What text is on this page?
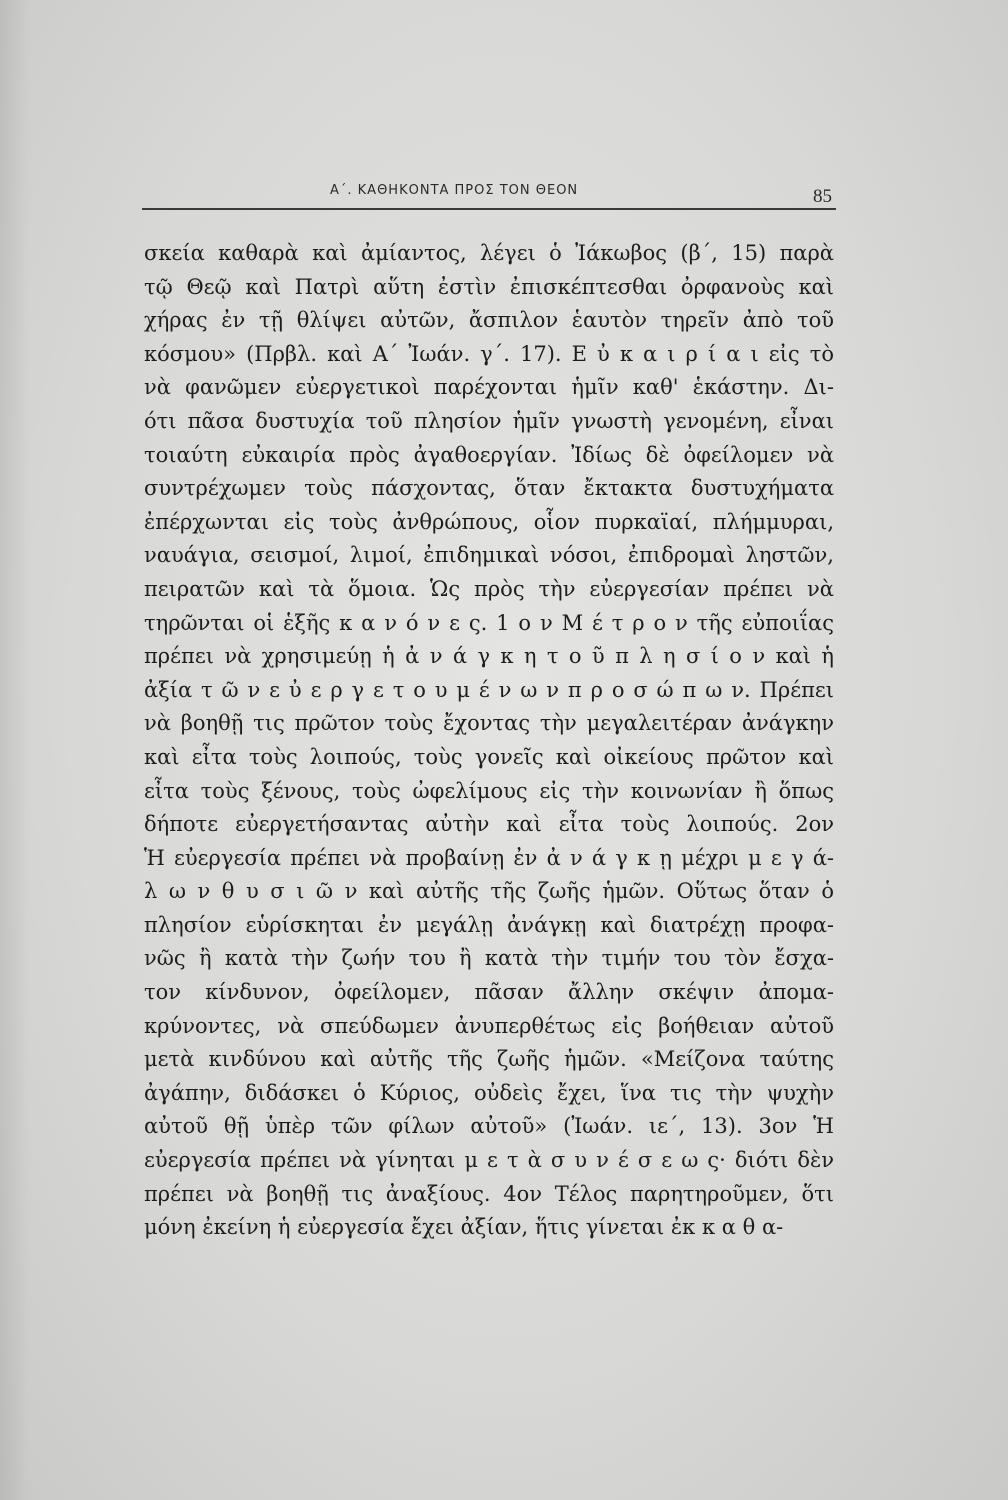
Α΄. ΚΑΘΗΚΟΝΤΑ ΠΡΟΣ ΤΟΝ ΘΕΟΝ	85
σκεία καθαρὰ καὶ ἀμίαντος, λέγει ὁ Ἰάκωβος (β΄, 15) παρὰ
τῷ Θεῷ καὶ Πατρὶ αὕτη ἐστὶν ἐπισκέπτεσθαι ὀρφανοὺς καὶ
χήρας ἐν τῇ θλίψει αὐτῶν, ἄσπιλον ἑαυτὸν τηρεῖν ἀπὸ τοῦ
κόσμου» (Πρβλ. καὶ Α΄ Ἰωάν. γ΄. 17). Ε ὐ κ α ι ρ ί α ι εἰς τὸ
νὰ φανῶμεν εὐεργετικοὶ παρέχονται ἡμῖν καθ' ἑκάστην. Δι-
ότι πᾶσα δυστυχία τοῦ πλησίον ἡμῖν γνωστὴ γενομένη, εἶναι
τοιαύτη εὐκαιρία πρὸς ἀγαθοεργίαν. Ἰδίως δὲ ὀφείλομεν νὰ
συντρέχωμεν τοὺς πάσχοντας, ὅταν ἔκτακτα δυστυχήματα
ἐπέρχωνται εἰς τοὺς ἀνθρώπους, οἷον πυρκαϊαί, πλήμμυραι,
ναυάγια, σεισμοί, λιμοί, ἐπιδημικαὶ νόσοι, ἐπιδρομαὶ ληστῶν,
πειρατῶν καὶ τὰ ὅμοια. Ὡς πρὸς τὴν εὐεργεσίαν πρέπει νὰ
τηρῶνται οἱ ἑξῆς κ α ν ό ν ε ς. 1 ο ν Μ έ τ ρ ο ν τῆς εὐποιΐας
πρέπει νὰ χρησιμεύῃ ἡ ἀ ν ά γ κ η τ ο ῦ π λ η σ ί ο ν καὶ ἡ
ἀξία τ ῶ ν ε ὐ ε ρ γ ε τ ο υ μ έ ν ω ν π ρ ο σ ώ π ω ν. Πρέπει
νὰ βοηθῇ τις πρῶτον τοὺς ἔχοντας τὴν μεγαλειτέραν ἀνάγκην
καὶ εἶτα τοὺς λοιπούς, τοὺς γονεῖς καὶ οἰκείους πρῶτον καὶ
εἶτα τοὺς ξένους, τοὺς ὠφελίμους εἰς τὴν κοινωνίαν ἢ ὅπως
δήποτε εὐεργετήσαντας αὐτὴν καὶ εἶτα τοὺς λοιπούς. 2ον
Ἡ εὐεργεσία πρέπει νὰ προβαίνῃ ἐν ἀ ν ά γ κ ῃ μέχρι μ ε γ ά-
λ ω ν θ υ σ ι ῶ ν καὶ αὐτῆς τῆς ζωῆς ἡμῶν. Οὕτως ὅταν ὁ
πλησίον εὑρίσκηται ἐν μεγάλῃ ἀνάγκῃ καὶ διατρέχῃ προφα-
νῶς ἢ κατὰ τὴν ζωήν του ἢ κατὰ τὴν τιμήν του τὸν ἔσχα-
τον κίνδυνον, ὀφείλομεν, πᾶσαν ἄλλην σκέψιν ἀπομα-
κρύνοντες, νὰ σπεύδωμεν ἀνυπερθέτως εἰς βοήθειαν αὐτοῦ
μετὰ κινδύνου καὶ αὐτῆς τῆς ζωῆς ἡμῶν. «Μείζονα ταύτης
ἀγάπην, διδάσκει ὁ Κύριος, οὐδεὶς ἔχει, ἵνα τις τὴν ψυχὴν
αὐτοῦ θῇ ὑπὲρ τῶν φίλων αὐτοῦ» (Ἰωάν. ιε΄, 13). 3ον Ἡ
εὐεργεσία πρέπει νὰ γίνηται μ ε τ ὰ σ υ ν έ σ ε ω ς· διότι δὲν
πρέπει νὰ βοηθῇ τις ἀναξίους. 4ον Τέλος παρητηροῦμεν, ὅτι
μόνη ἐκείνη ἡ εὐεργεσία ἔχει ἀξίαν, ἥτις γίνεται ἐκ κ α θ α-
